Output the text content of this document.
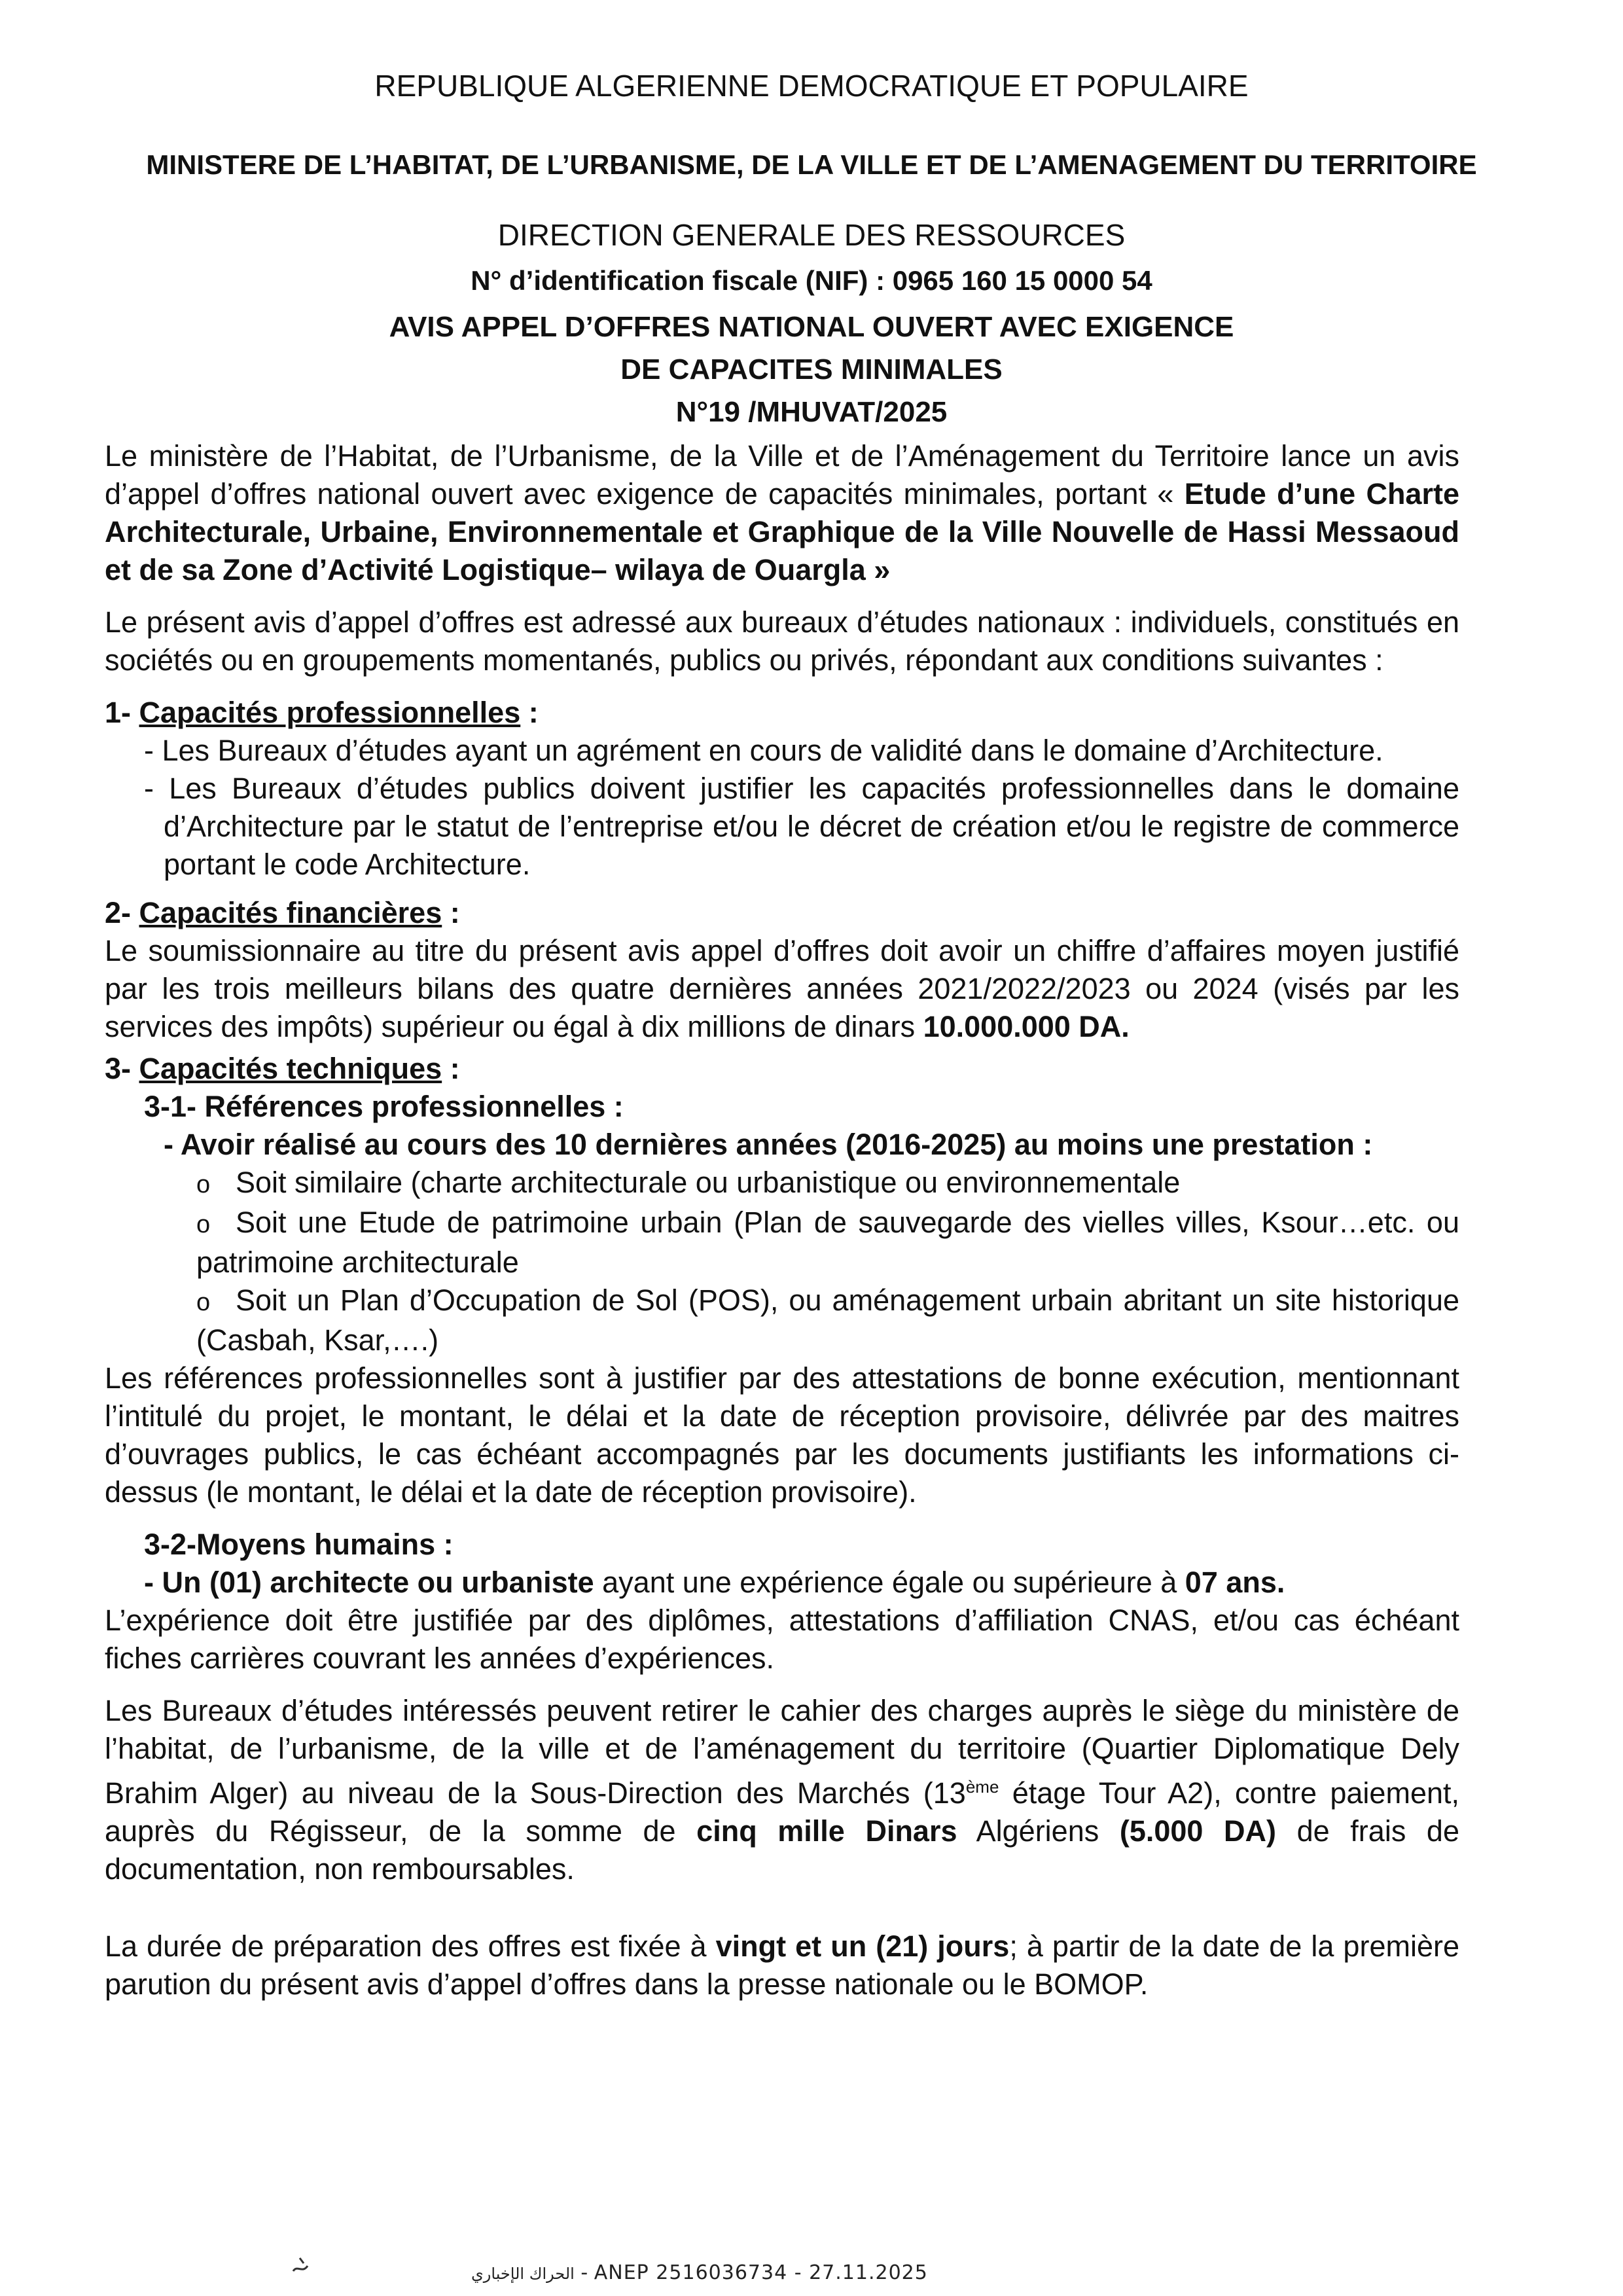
REPUBLIQUE ALGERIENNE DEMOCRATIQUE ET POPULAIRE
MINISTERE DE L’HABITAT, DE L’URBANISME, DE LA VILLE ET DE L’AMENAGEMENT DU TERRITOIRE
DIRECTION GENERALE DES RESSOURCES
N° d’identification fiscale (NIF) : 0965 160 15 0000 54
AVIS APPEL D’OFFRES NATIONAL OUVERT AVEC EXIGENCE
DE CAPACITES MINIMALES
N°19 /MHUVAT/2025

Le ministère de l’Habitat, de l’Urbanisme, de la Ville et de l’Aménagement du Territoire lance un avis d’appel d’offres national ouvert avec exigence de capacités minimales, portant « Etude d’une Charte Architecturale, Urbaine, Environnementale et Graphique de la Ville Nouvelle de Hassi Messaoud et de sa Zone d’Activité Logistique– wilaya de Ouargla »

Le présent avis d’appel d’offres est adressé aux bureaux d’études nationaux : individuels, constitués en sociétés ou en groupements momentanés, publics ou privés, répondant aux conditions suivantes :

1- Capacités professionnelles :

- Les Bureaux d’études ayant un agrément en cours de validité dans le domaine d’Architecture.

- Les Bureaux d’études publics doivent justifier les capacités professionnelles dans le domaine d’Architecture par le statut de l’entreprise et/ou le décret de création et/ou le registre de commerce portant le code Architecture.

2- Capacités financières :

Le soumissionnaire au titre du présent avis appel d’offres doit avoir un chiffre d’affaires moyen justifié par les trois meilleurs bilans des quatre dernières années 2021/2022/2023 ou 2024 (visés par les services des impôts) supérieur ou égal à dix millions de dinars 10.000.000 DA.

3- Capacités techniques :

3-1- Références professionnelles :

- Avoir réalisé au cours des 10 dernières années (2016-2025) au moins une prestation :

o Soit similaire (charte architecturale ou urbanistique ou environnementale

o Soit une Etude de patrimoine urbain (Plan de sauvegarde des vielles villes, Ksour…etc. ou patrimoine architecturale

o Soit un Plan d’Occupation de Sol (POS), ou aménagement urbain abritant un site historique (Casbah, Ksar,….)

Les références professionnelles sont à justifier par des attestations de bonne exécution, mentionnant l’intitulé du projet, le montant, le délai et la date de réception provisoire, délivrée par des maitres d’ouvrages publics, le cas échéant accompagnés par les documents justifiants les informations ci-dessus (le montant, le délai et la date de réception provisoire).

3-2-Moyens humains :

- Un (01) architecte ou urbaniste ayant une expérience égale ou supérieure à 07 ans.

L’expérience doit être justifiée par des diplômes, attestations d’affiliation CNAS, et/ou cas échéant fiches carrières couvrant les années d’expériences.

Les Bureaux d’études intéressés peuvent retirer le cahier des charges auprès le siège du ministère de l’habitat, de l’urbanisme, de la ville et de l’aménagement du territoire (Quartier Diplomatique Dely Brahim Alger) au niveau de la Sous-Direction des Marchés (13ème étage Tour A2), contre paiement, auprès du Régisseur, de la somme de cinq mille Dinars Algériens (5.000 DA) de frais de documentation, non remboursables.

La durée de préparation des offres est fixée à vingt et un (21) jours; à partir de la date de la première parution du présent avis d’appel d’offres dans la presse nationale ou le BOMOP.

الحراك الإخباري - ANEP 2516036734 - 27.11.2025
